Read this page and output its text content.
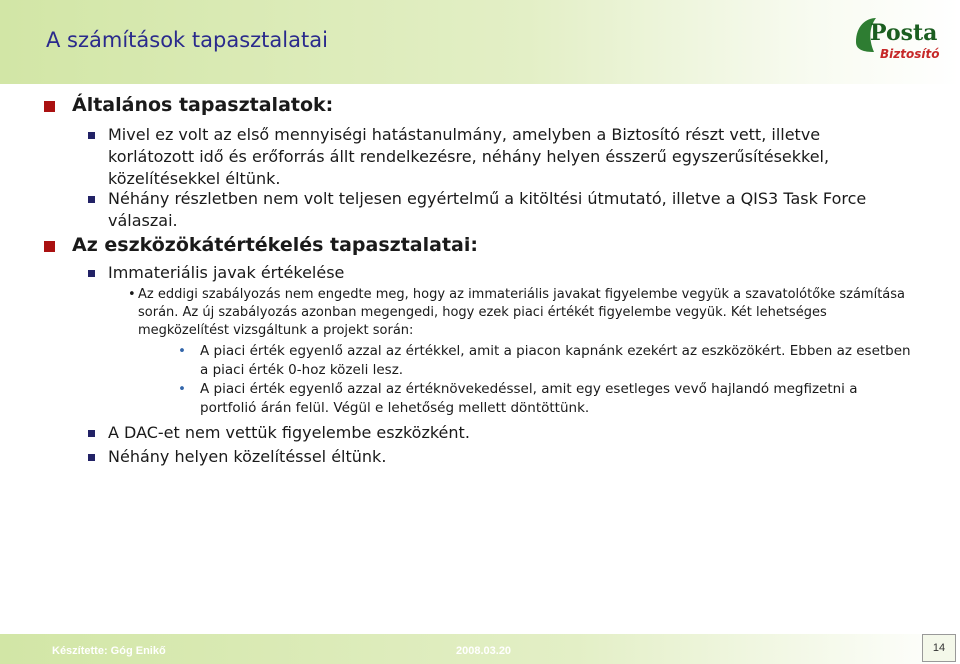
A számítások tapasztalatai	Posta
Biztosító
Általános tapasztalatok:
Mivel ez volt az első mennyiségi hatástanulmány, amelyben a Biztosító részt vett, illetve korlátozott idő és erőforrás állt rendelkezésre, néhány helyen ésszerű egyszerűsítésekkel, közelítésekkel éltünk.
Néhány részletben nem volt teljesen egyértelmű a kitöltési útmutató, illetve a QIS3 Task Force válaszai.
Az eszközökátértékelés tapasztalatai:
Immateriális javak értékelése
• Az eddigi szabályozás nem engedte meg, hogy az immateriális javakat figyelembe vegyük a szavatolótőke számítása során. Az új szabályozás azonban megengedi, hogy ezek piaci értékét figyelembe vegyük. Két lehetséges megközelítést vizsgáltunk a projekt során:
• A piaci érték egyenlő azzal az értékkel, amit a piacon kapnánk ezekért az eszközökért. Ebben az esetben a piaci érték 0-hoz közeli lesz.
• A piaci érték egyenlő azzal az értéknövekedéssel, amit egy esetleges vevő hajlandó megfizetni a portfolió árán felül. Végül e lehetőség mellett döntöttünk.
A DAC-et nem vettük figyelembe eszközként.
Néhány helyen közelítéssel éltünk.
Készítette: Góg Enikő	2008.03.20	14
